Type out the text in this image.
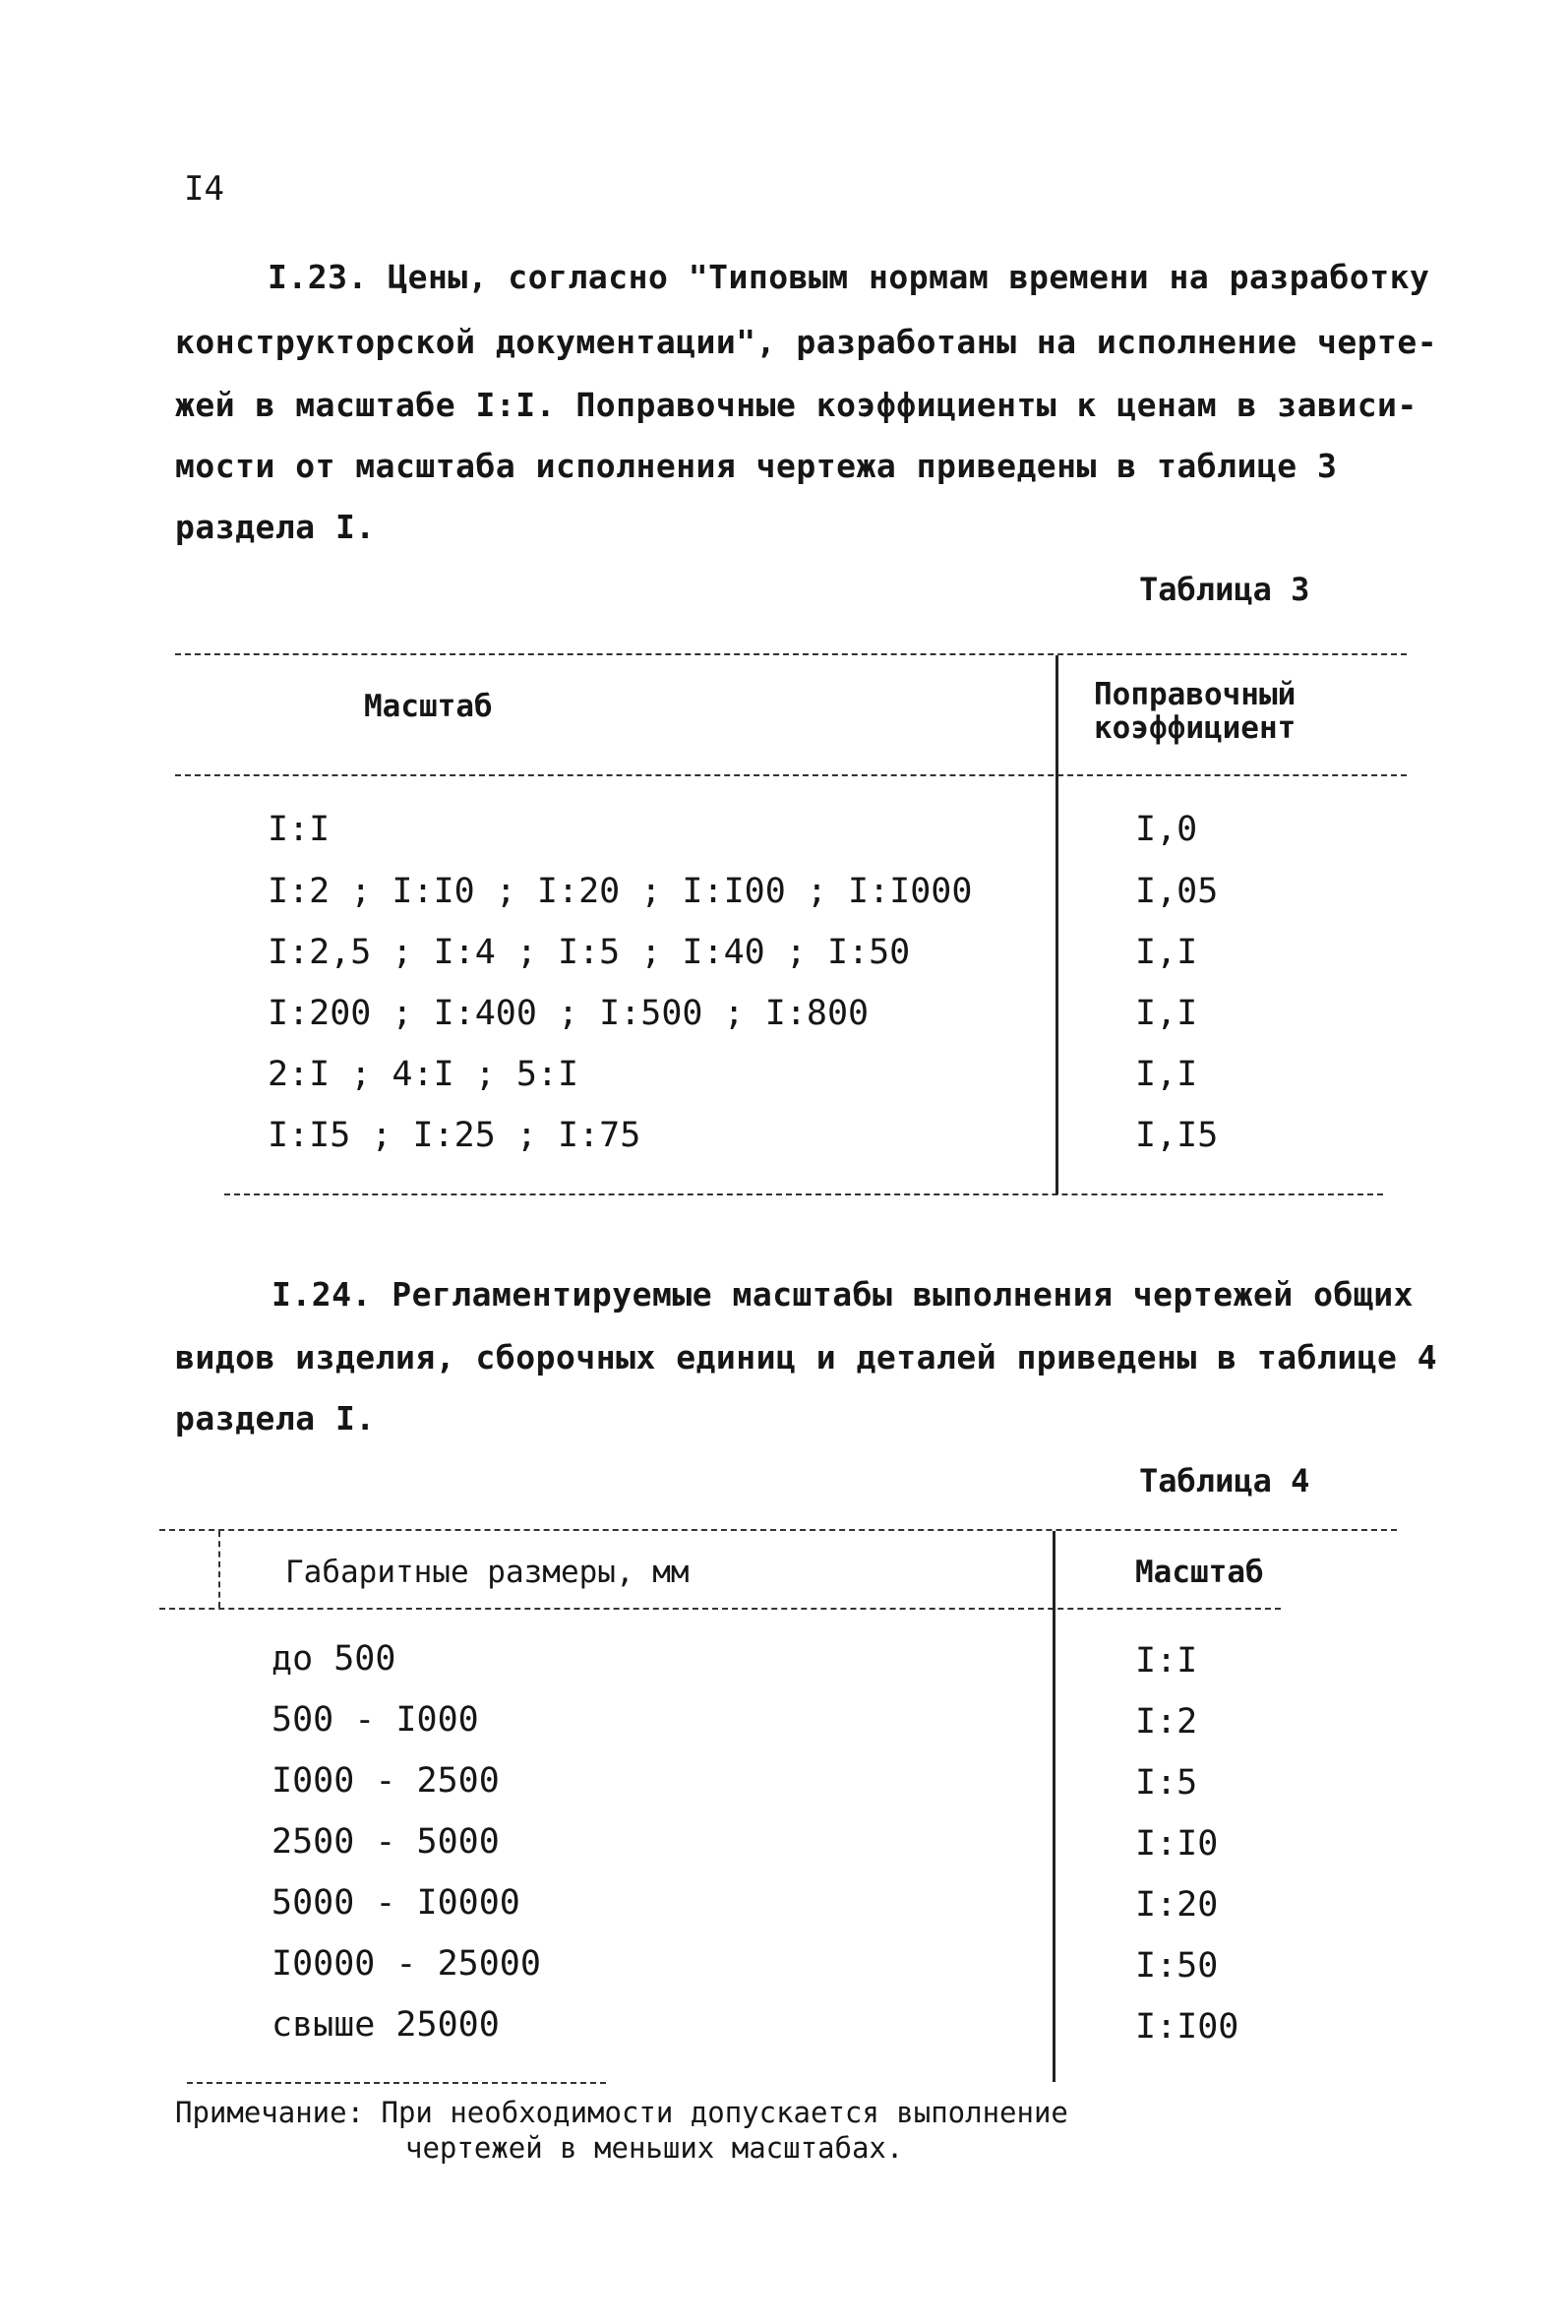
I4
I.23. Цены, согласно "Типовым нормам времени на разработку
конструкторской документации", разработаны на исполнение черте-
жей в масштабе I:I. Поправочные коэффициенты к ценам в зависи-
мости от масштаба исполнения чертежа приведены в таблице 3
раздела I.
Таблица 3
Масштаб	Поправочный
коэффициент
I:I	I,0
I:2 ; I:I0 ; I:20 ; I:I00 ; I:I000	I,05
I:2,5 ; I:4 ; I:5 ; I:40 ; I:50	I,I
I:200 ; I:400 ; I:500 ; I:800	I,I
2:I ; 4:I ; 5:I	I,I
I:I5 ; I:25 ; I:75	I,I5
I.24. Регламентируемые масштабы выполнения чертежей общих
видов изделия, сборочных единиц и деталей приведены в таблице 4
раздела I.
Таблица 4
Габаритные размеры, мм	Масштаб
до 500	I:I
500 - I000	I:2
I000 - 2500	I:5
2500 - 5000	I:I0
5000 - I0000	I:20
I0000 - 25000	I:50
свыше 25000	I:I00
Примечание: При необходимости допускается выполнение
чертежей в меньших масштабах.
